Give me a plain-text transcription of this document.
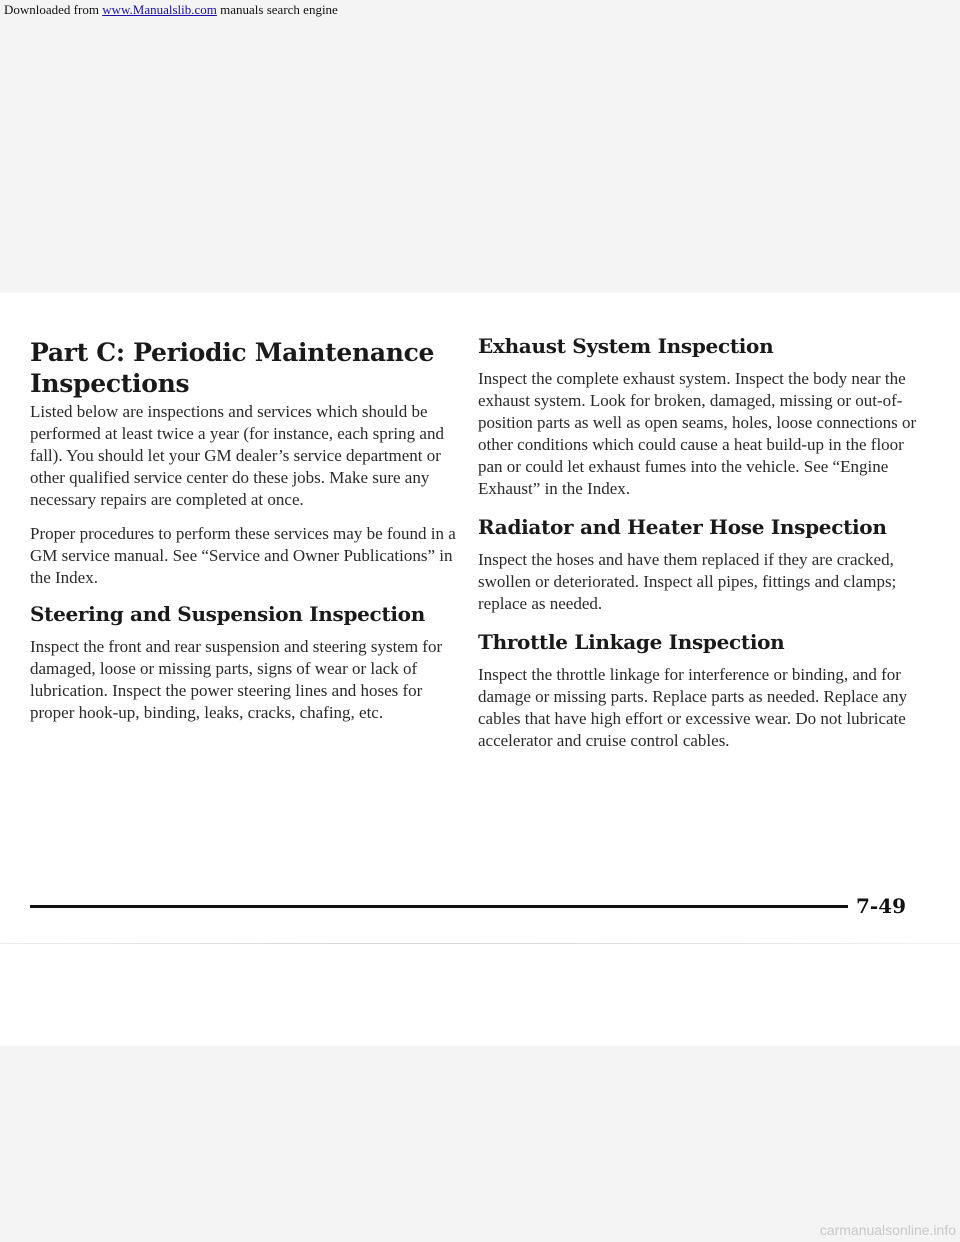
Downloaded from www.Manualslib.com manuals search engine
Part C: Periodic Maintenance Inspections

Listed below are inspections and services which should be performed at least twice a year (for instance, each spring and fall). You should let your GM dealer’s service department or other qualified service center do these jobs. Make sure any necessary repairs are completed at once.

Proper procedures to perform these services may be found in a GM service manual. See “Service and Owner Publications” in the Index.

Steering and Suspension Inspection

Inspect the front and rear suspension and steering system for damaged, loose or missing parts, signs of wear or lack of lubrication. Inspect the power steering lines and hoses for proper hook-up, binding, leaks, cracks, chafing, etc.

Exhaust System Inspection

Inspect the complete exhaust system. Inspect the body near the exhaust system. Look for broken, damaged, missing or out-of-position parts as well as open seams, holes, loose connections or other conditions which could cause a heat build-up in the floor pan or could let exhaust fumes into the vehicle. See “Engine Exhaust” in the Index.

Radiator and Heater Hose Inspection

Inspect the hoses and have them replaced if they are cracked, swollen or deteriorated. Inspect all pipes, fittings and clamps; replace as needed.

Throttle Linkage Inspection

Inspect the throttle linkage for interference or binding, and for damage or missing parts. Replace parts as needed. Replace any cables that have high effort or excessive wear. Do not lubricate accelerator and cruise control cables.

7-49
carmanualsonline.info
